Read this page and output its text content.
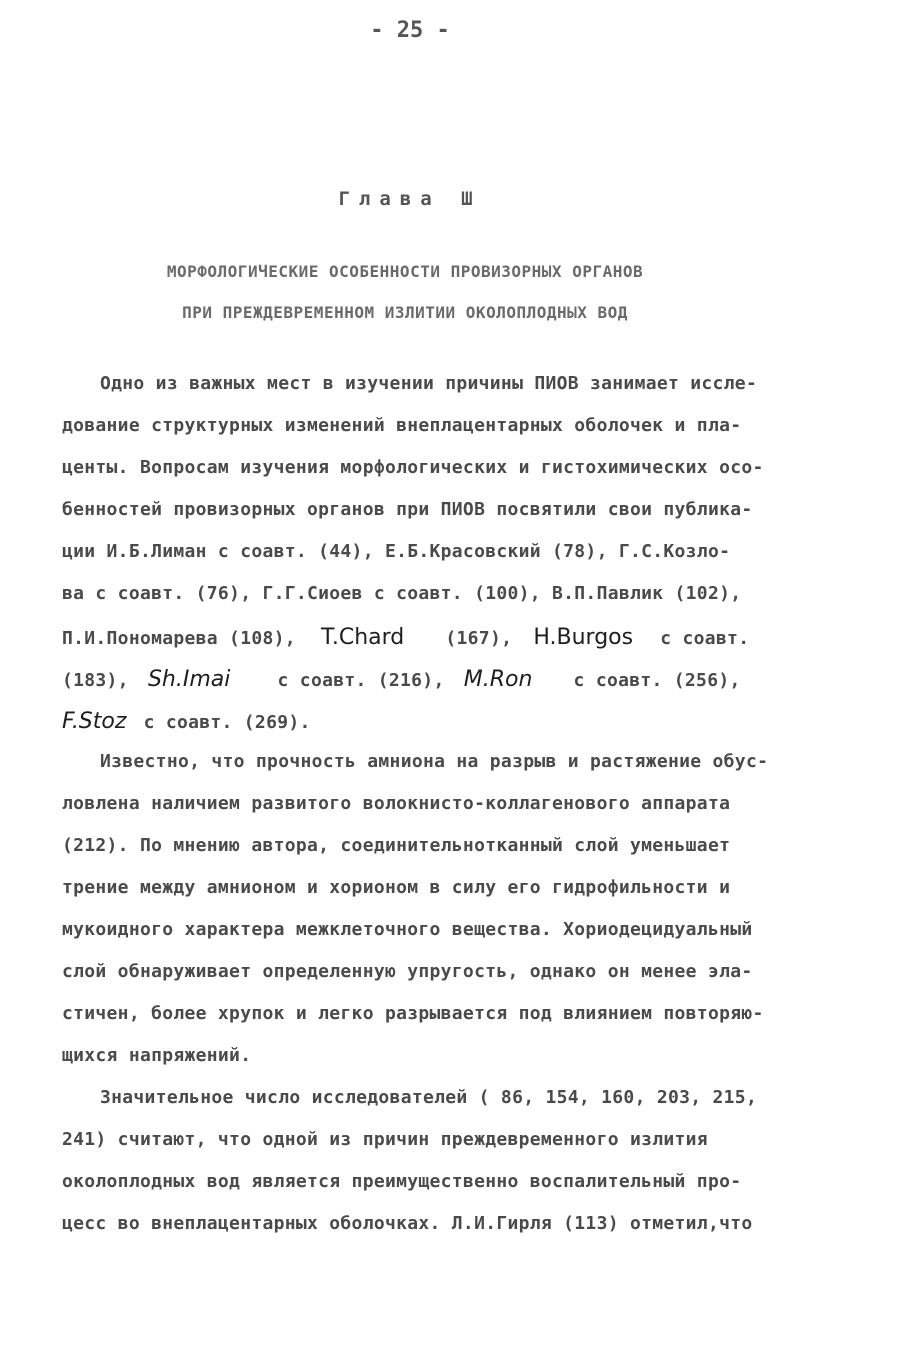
- 25 -
Глава Ш
МОРФОЛОГИЧЕСКИЕ ОСОБЕННОСТИ ПРОВИЗОРНЫХ ОРГАНОВ
ПРИ ПРЕЖДЕВРЕМЕННОМ ИЗЛИТИИ ОКОЛОПЛОДНЫХ ВОД
Одно из важных мест в изучении причины ПИОВ занимает иссле-
дование структурных изменений внеплацентарных оболочек и пла-
центы. Вопросам изучения морфологических и гистохимических осо-
бенностей провизорных органов при ПИОВ посвятили свои публика-
ции И.Б.Лиман с соавт. (44), Е.Б.Красовский (78), Г.С.Козло-
ва с соавт. (76), Г.Г.Сиоев с соавт. (100), В.П.Павлик (102),
П.И.Пономарева (108), T.Chard (167), H.Burgos с соавт.
(183), Sh.Imai	с соавт. (216), M.Ron с соавт. (256),
F.Stoz с соавт. (269).
Известно, что прочность амниона на разрыв и растяжение обус-
ловлена наличием развитого волокнисто-коллагенового аппарата
(212). По мнению автора, соединительнотканный слой уменьшает
трение между амнионом и хорионом в силу его гидрофильности и
мукоидного характера межклеточного вещества. Хориодецидуальный
слой обнаруживает определенную упругость, однако он менее эла-
стичен, более хрупок и легко разрывается под влиянием повторяю-
щихся напряжений.
Значительное число исследователей ( 86, 154, 160, 203, 215,
241) считают, что одной из причин преждевременного излития
околоплодных вод является преимущественно воспалительный про-
цесс во внеплацентарных оболочках. Л.И.Гирля (113) отметил,что
